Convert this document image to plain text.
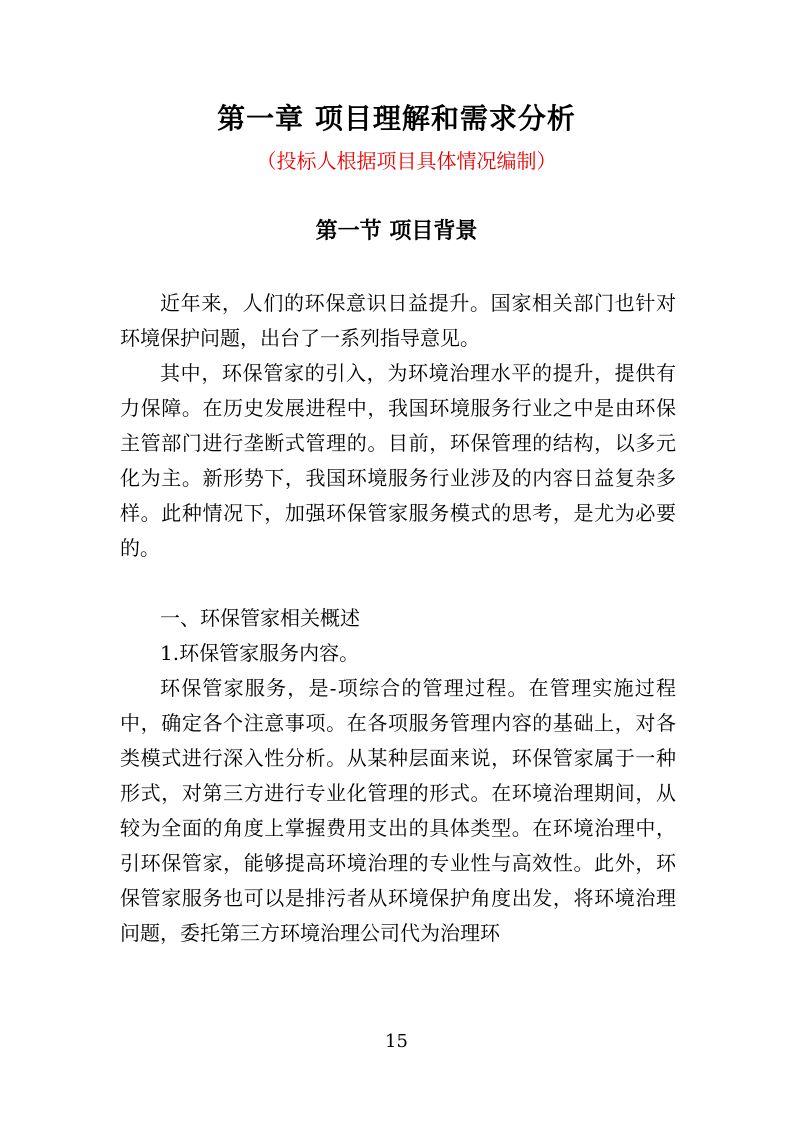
第一章 项目理解和需求分析
（投标人根据项目具体情况编制）
第一节 项目背景

近年来，人们的环保意识日益提升。国家相关部门也针对环境保护问题，出台了一系列指导意见。

其中，环保管家的引入，为环境治理水平的提升，提供有力保障。在历史发展进程中，我国环境服务行业之中是由环保主管部门进行垄断式管理的。目前，环保管理的结构，以多元化为主。新形势下，我国环境服务行业涉及的内容日益复杂多样。此种情况下，加强环保管家服务模式的思考，是尤为必要的。

一、环保管家相关概述

1.环保管家服务内容。

环保管家服务，是-项综合的管理过程。在管理实施过程中，确定各个注意事项。在各项服务管理内容的基础上，对各类模式进行深入性分析。从某种层面来说，环保管家属于一种形式，对第三方进行专业化管理的形式。在环境治理期间，从较为全面的角度上掌握费用支出的具体类型。在环境治理中，引环保管家，能够提高环境治理的专业性与高效性。此外，环保管家服务也可以是排污者从环境保护角度出发，将环境治理问题，委托第三方环境治理公司代为治理环

15
